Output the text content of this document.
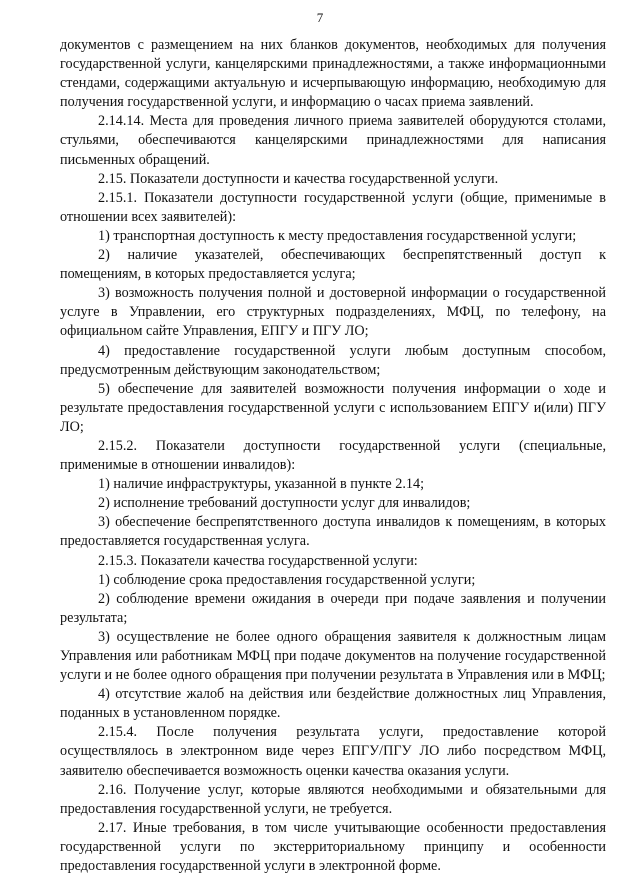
7

документов с размещением на них бланков документов, необходимых для получения государственной услуги, канцелярскими принадлежностями, а также информационными стендами, содержащими актуальную и исчерпывающую информацию, необходимую для получения государственной услуги, и информацию о часах приема заявлений.

2.14.14. Места для проведения личного приема заявителей оборудуются столами, стульями, обеспечиваются канцелярскими принадлежностями для написания письменных обращений.

2.15. Показатели доступности и качества государственной услуги.

2.15.1. Показатели доступности государственной услуги (общие, применимые в отношении всех заявителей):

1) транспортная доступность к месту предоставления государственной услуги;

2) наличие указателей, обеспечивающих беспрепятственный доступ к помещениям, в которых предоставляется услуга;

3) возможность получения полной и достоверной информации о государственной услуге в Управлении, его структурных подразделениях, МФЦ, по телефону, на официальном сайте Управления, ЕПГУ и ПГУ ЛО;

4) предоставление государственной услуги любым доступным способом, предусмотренным действующим законодательством;

5) обеспечение для заявителей возможности получения информации о ходе и результате предоставления государственной услуги с использованием ЕПГУ и(или) ПГУ ЛО;

2.15.2. Показатели доступности государственной услуги (специальные, применимые в отношении инвалидов):

1) наличие инфраструктуры, указанной в пункте 2.14;

2) исполнение требований доступности услуг для инвалидов;

3) обеспечение беспрепятственного доступа инвалидов к помещениям, в которых предоставляется государственная услуга.

2.15.3. Показатели качества государственной услуги:

1) соблюдение срока предоставления государственной услуги;

2) соблюдение времени ожидания в очереди при подаче заявления и получении результата;

3) осуществление не более одного обращения заявителя к должностным лицам Управления или работникам МФЦ при подаче документов на получение государственной услуги и не более одного обращения при получении результата в Управления или в МФЦ;

4) отсутствие жалоб на действия или бездействие должностных лиц Управления, поданных в установленном порядке.

2.15.4. После получения результата услуги, предоставление которой осуществлялось в электронном виде через ЕПГУ/ПГУ ЛО либо посредством МФЦ, заявителю обеспечивается возможность оценки качества оказания услуги.

2.16. Получение услуг, которые являются необходимыми и обязательными для предоставления государственной услуги, не требуется.

2.17. Иные требования, в том числе учитывающие особенности предоставления государственной услуги по экстерриториальному принципу и особенности предоставления государственной услуги в электронной форме.
